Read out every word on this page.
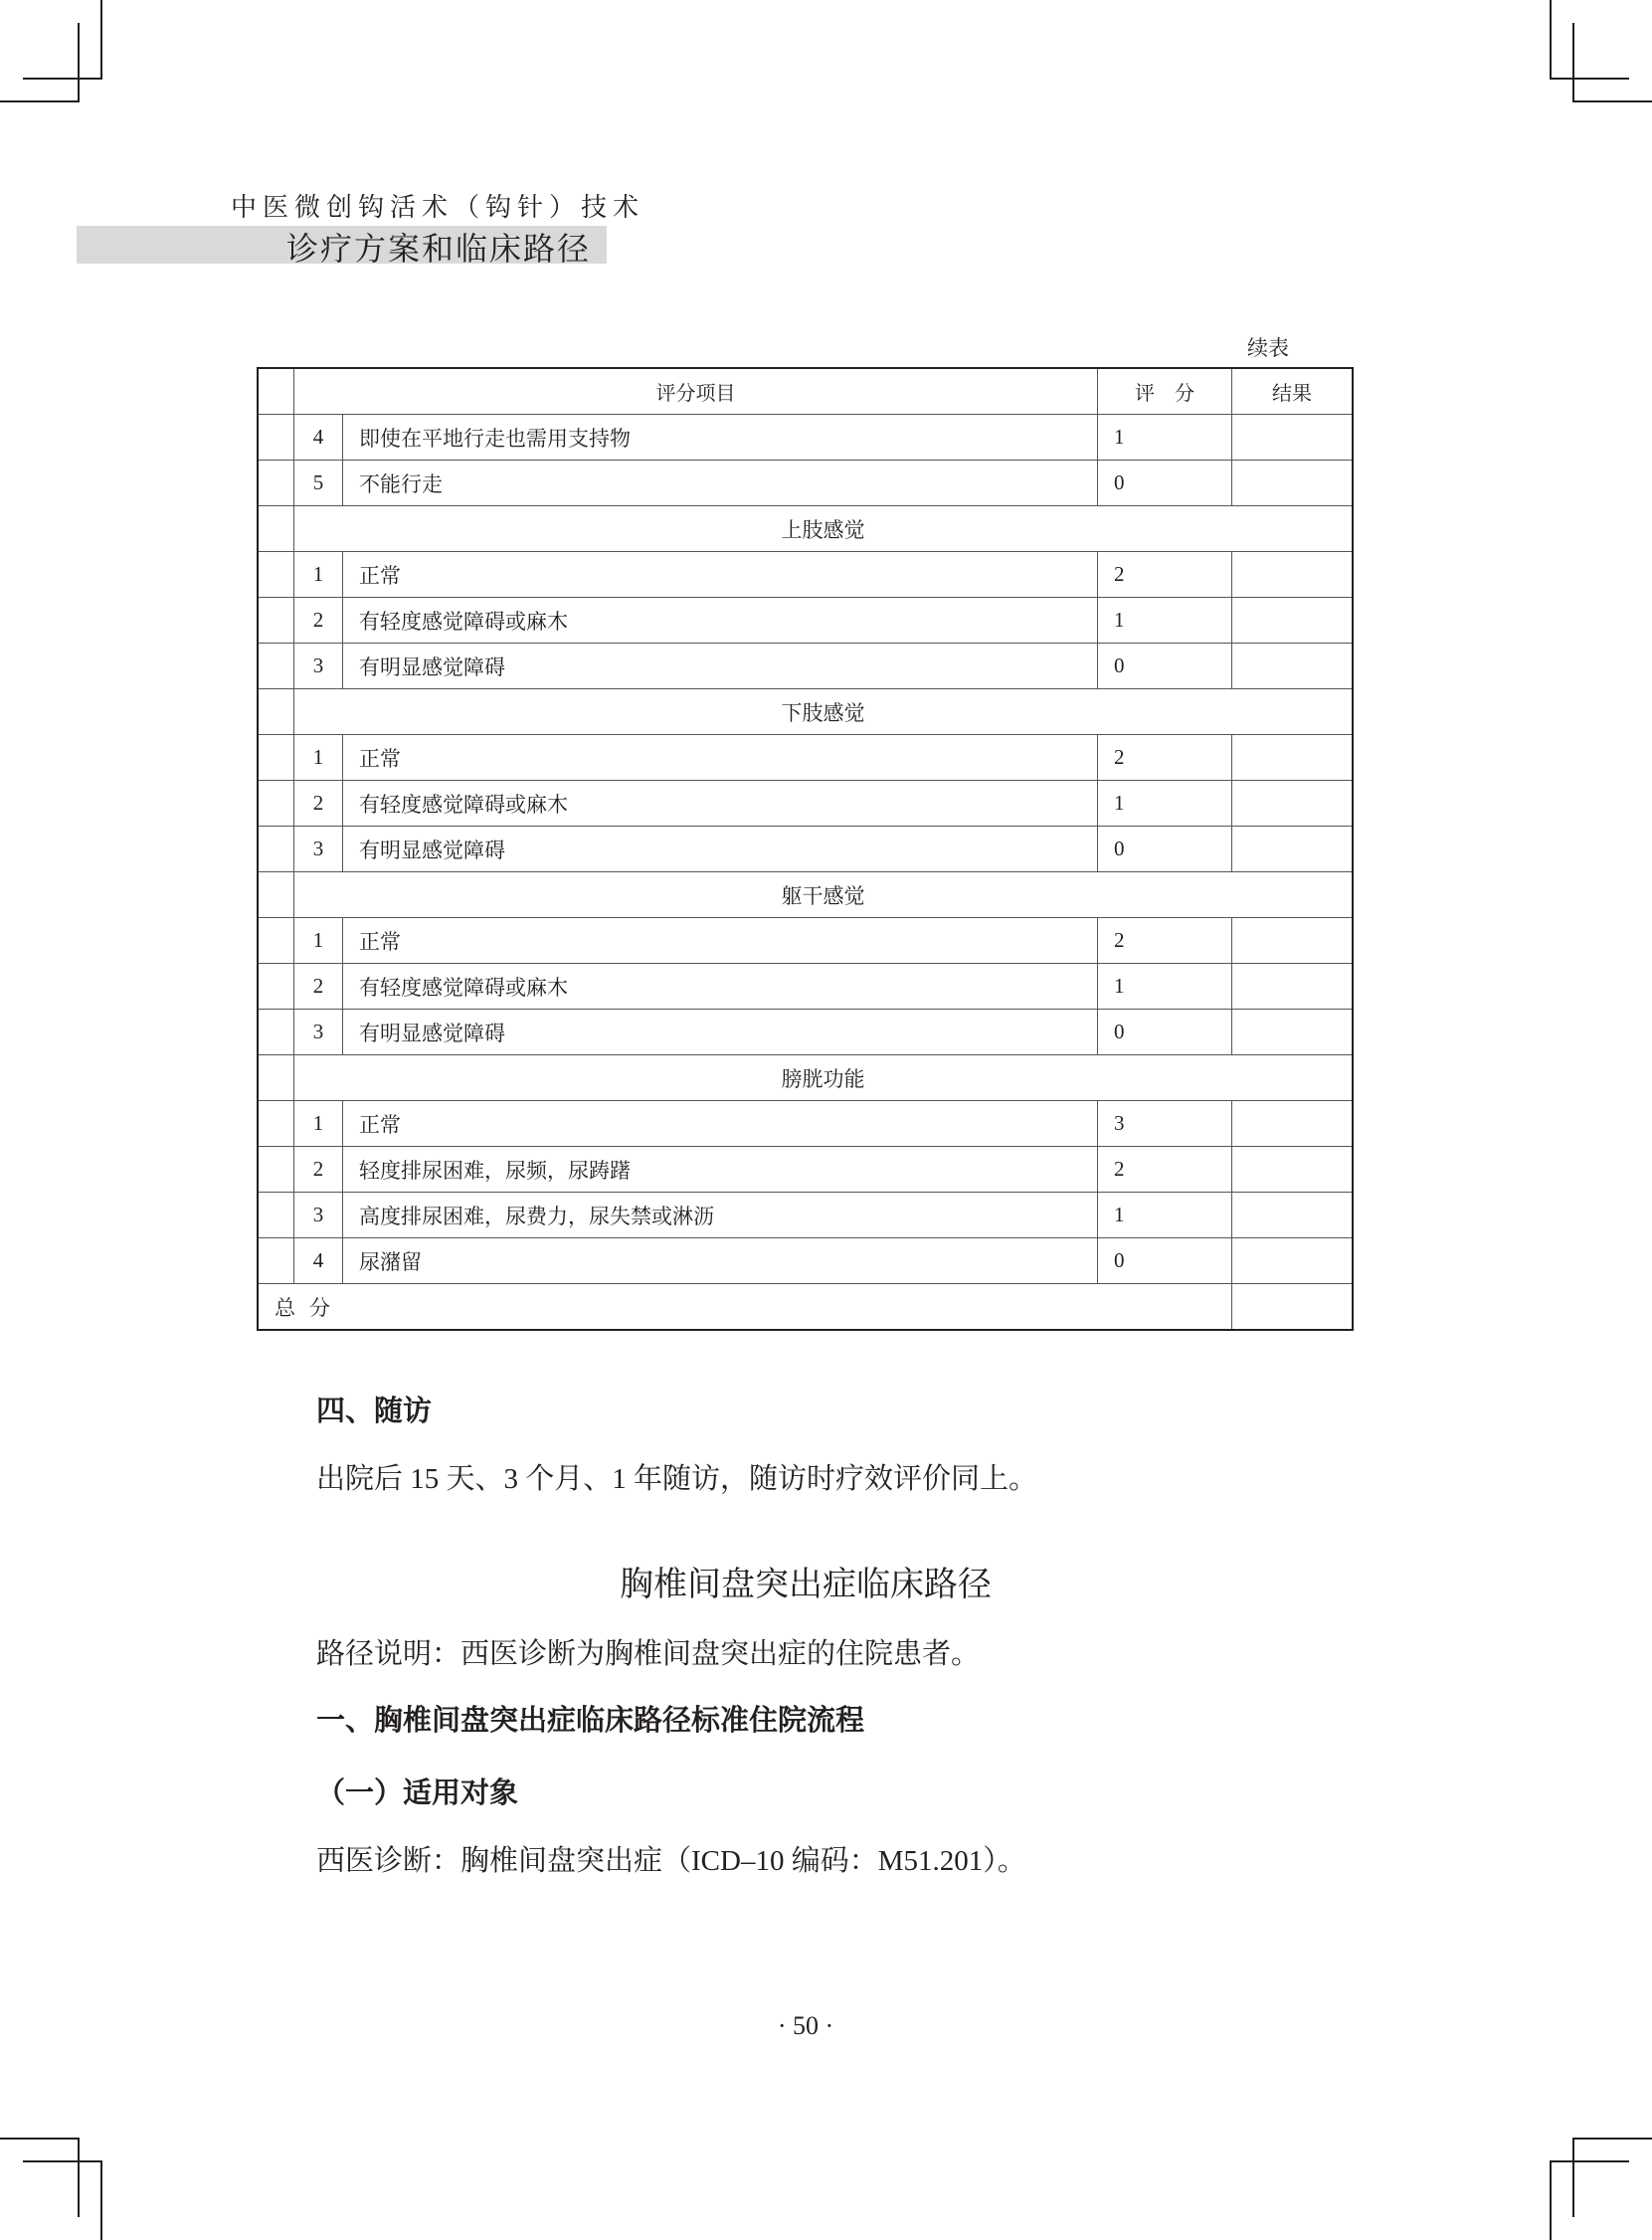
中医微创钩活术（钩针）技术
诊疗方案和临床路径
续表
	评分项目		评　分	结果
	4	即使在平地行走也需用支持物	1	
	5	不能行走	0	
	上肢感觉			
	1	正常	2	
	2	有轻度感觉障碍或麻木	1	
	3	有明显感觉障碍	0	
	下肢感觉			
	1	正常	2	
	2	有轻度感觉障碍或麻木	1	
	3	有明显感觉障碍	0	
	躯干感觉			
	1	正常	2	
	2	有轻度感觉障碍或麻木	1	
	3	有明显感觉障碍	0	
	膀胱功能			
	1	正常	3	
	2	轻度排尿困难，尿频，尿踌躇	2	
	3	高度排尿困难，尿费力，尿失禁或淋沥	1	
	4	尿潴留	0	
总分				
四、随访
出院后 15 天、3 个月、1 年随访，随访时疗效评价同上。
胸椎间盘突出症临床路径
路径说明：西医诊断为胸椎间盘突出症的住院患者。
一、胸椎间盘突出症临床路径标准住院流程
（一）适用对象
西医诊断：胸椎间盘突出症（ICD–10 编码：M51.201）。
· 50 ·
